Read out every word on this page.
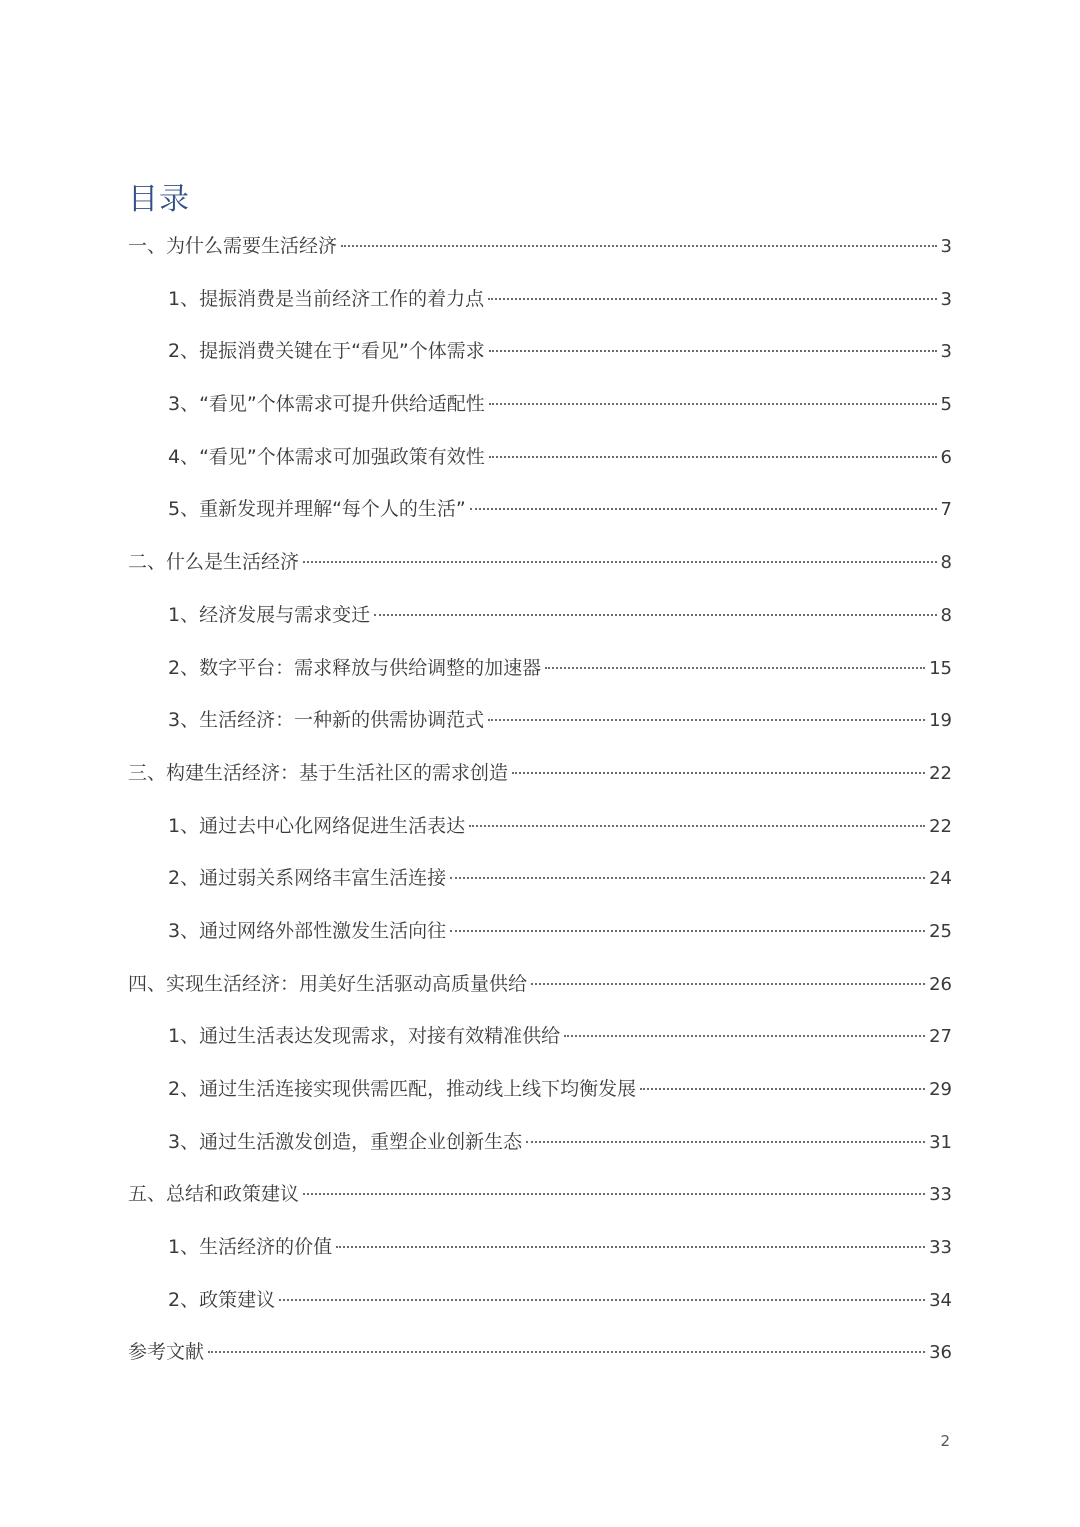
目录
一、为什么需要生活经济	3
1、提振消费是当前经济工作的着力点	3
2、提振消费关键在于“看见”个体需求	3
3、“看见”个体需求可提升供给适配性	5
4、“看见”个体需求可加强政策有效性	6
5、重新发现并理解“每个人的生活”	7
二、什么是生活经济	8
1、经济发展与需求变迁	8
2、数字平台：需求释放与供给调整的加速器	15
3、生活经济：一种新的供需协调范式	19
三、构建生活经济：基于生活社区的需求创造	22
1、通过去中心化网络促进生活表达	22
2、通过弱关系网络丰富生活连接	24
3、通过网络外部性激发生活向往	25
四、实现生活经济：用美好生活驱动高质量供给	26
1、通过生活表达发现需求，对接有效精准供给	27
2、通过生活连接实现供需匹配，推动线上线下均衡发展	29
3、通过生活激发创造，重塑企业创新生态	31
五、总结和政策建议	33
1、生活经济的价值	33
2、政策建议	34
参考文献	36
2
